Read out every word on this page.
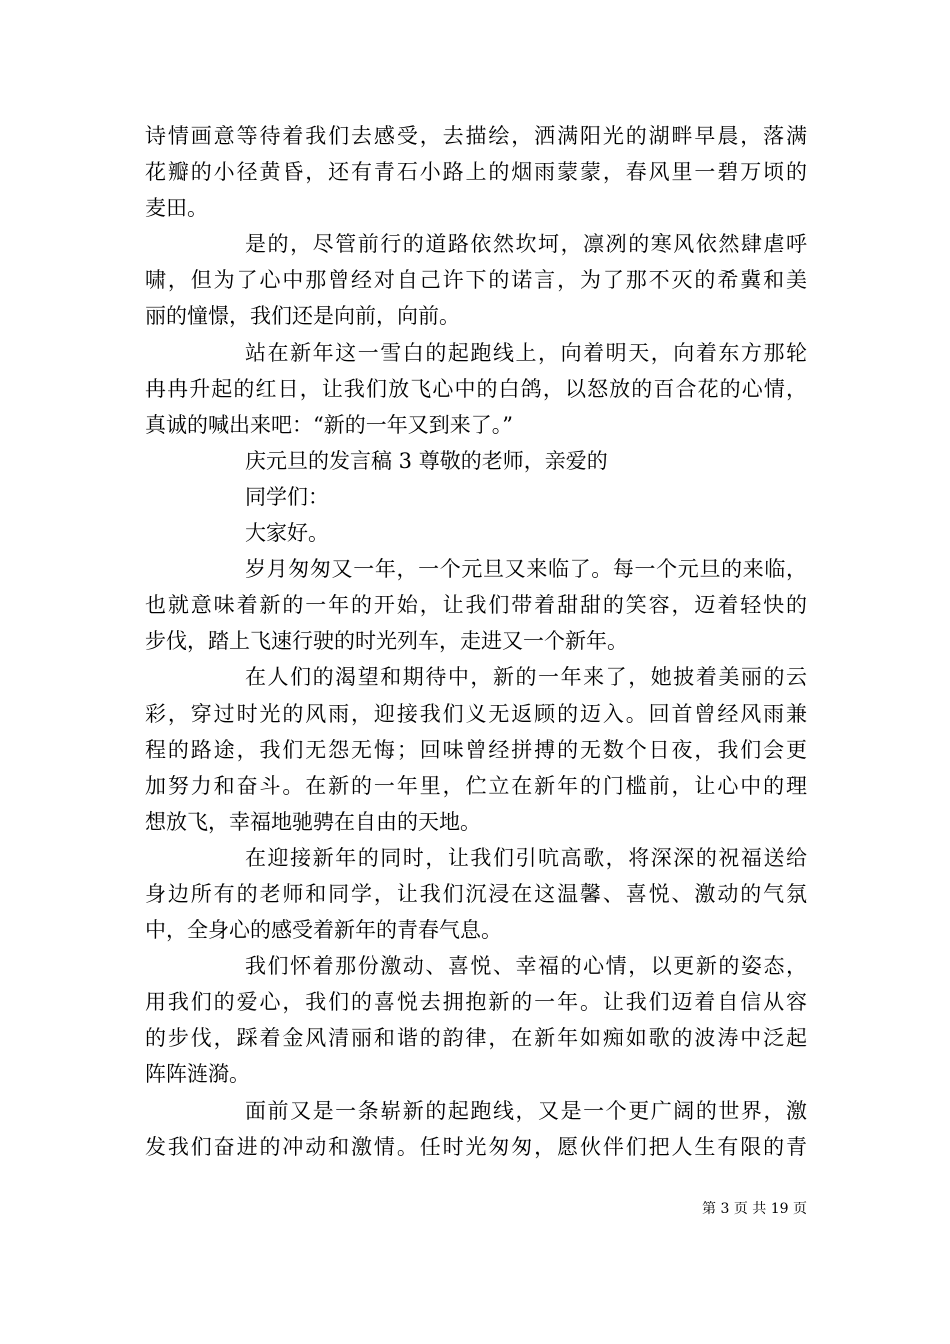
诗情画意等待着我们去感受，去描绘，洒满阳光的湖畔早晨，落满
花瓣的小径黄昏，还有青石小路上的烟雨蒙蒙，春风里一碧万顷的
麦田。
是的，尽管前行的道路依然坎坷，凛冽的寒风依然肆虐呼
啸，但为了心中那曾经对自己许下的诺言，为了那不灭的希冀和美
丽的憧憬，我们还是向前，向前。
站在新年这一雪白的起跑线上，向着明天，向着东方那轮
冉冉升起的红日，让我们放飞心中的白鸽，以怒放的百合花的心情，
真诚的喊出来吧：“新的一年又到来了。”
庆元旦的发言稿 3 尊敬的老师，亲爱的
同学们：
大家好。
岁月匆匆又一年，一个元旦又来临了。每一个元旦的来临，
也就意味着新的一年的开始，让我们带着甜甜的笑容，迈着轻快的
步伐，踏上飞速行驶的时光列车，走进又一个新年。
在人们的渴望和期待中，新的一年来了，她披着美丽的云
彩，穿过时光的风雨，迎接我们义无返顾的迈入。回首曾经风雨兼
程的路途，我们无怨无悔；回味曾经拼搏的无数个日夜，我们会更
加努力和奋斗。在新的一年里，伫立在新年的门槛前，让心中的理
想放飞，幸福地驰骋在自由的天地。
在迎接新年的同时，让我们引吭高歌，将深深的祝福送给
身边所有的老师和同学，让我们沉浸在这温馨、喜悦、激动的气氛
中，全身心的感受着新年的青春气息。
我们怀着那份激动、喜悦、幸福的心情，以更新的姿态，
用我们的爱心，我们的喜悦去拥抱新的一年。让我们迈着自信从容
的步伐，踩着金风清丽和谐的韵律，在新年如痴如歌的波涛中泛起
阵阵涟漪。
面前又是一条崭新的起跑线，又是一个更广阔的世界，激
发我们奋进的冲动和激情。任时光匆匆，愿伙伴们把人生有限的青
第 3 页 共 19 页
